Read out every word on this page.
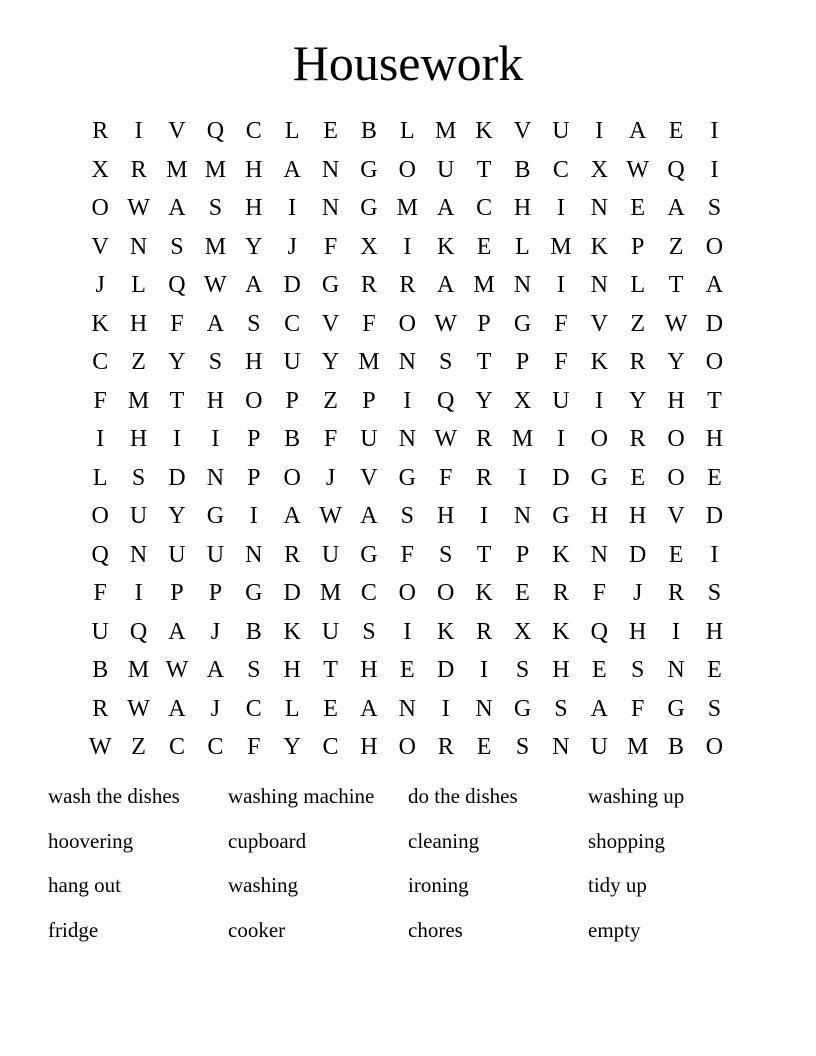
Housework
R	I	V Q C L E B L M K V U	I	A E	I
X R M M H A N G O U T B C X W Q	I
O W A S H	I	N G M A C H	I	N E A S
V N S M Y	J	F X	I	K E L M K P	Z O
J	L Q W A D G R R A M N	I	N L T A
K H F A S C V F O W P G F V Z W D
C Z Y S H U Y M N S	T	P	F K R Y O
F M T H O P	Z	P	I	Q Y X U	I	Y H T
I	H	I	I	P B F U N W R M I	O R O H
L	S D N P O	J	V G F R	I	D G E O E
O U Y G	I	A W A S H	I	N G H H V D
Q N U U N R U G F	S	T	P K N D E	I
F	I	P	P G D M C O O K E R F	J	R S
U Q A	J	B K U S	I	K R X K Q H	I	H
B M W A S H T H E D	I	S H E	S N E
R W A	J	C L E A N	I	N G S A F G S
W Z C C F Y C H O R E	S N U M B O
wash the dishes	washing machine	do the dishes	washing up
hoovering	cupboard	cleaning	shopping
hang out	washing	ironing	tidy up
fridge	cooker	chores	empty
